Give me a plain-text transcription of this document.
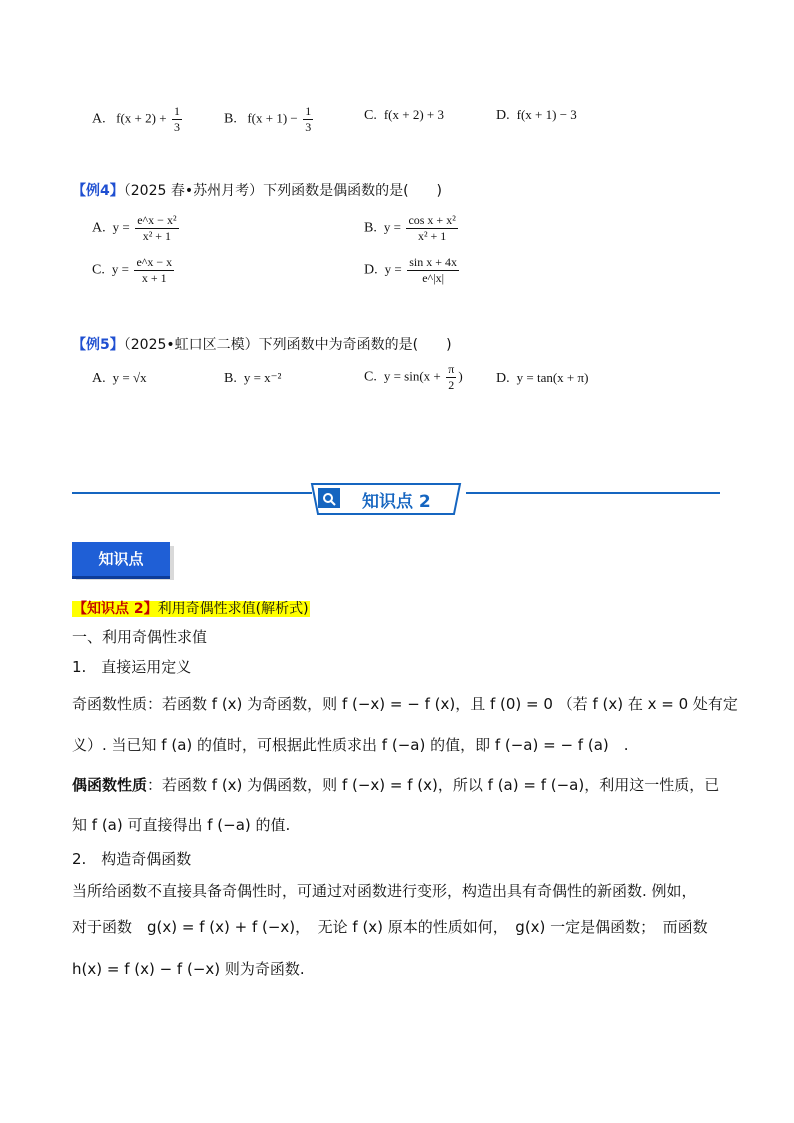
A. $f(x + 2) + \frac{1}{3}$	B. $f(x + 1) - \frac{1}{3}$	C. f(x + 2) + 3	D. f(x + 1) − 3
【例4】（2025 春•苏州月考）下列函数是偶函数的是(　　)
A. $y = \frac{\text{e\textasciicircum{}x − x²}}{\text{x² + 1}}$	B. $y = \frac{\text{cos x + x²}}{\text{x² + 1}}$
C. $y = \frac{e\^{}x - x}{x + 1}$	D. $y = \frac{\text{sin x + 4x}}{e\^{}|x|}$
【例5】（2025•虹口区二模）下列函数中为奇函数的是(　　)
A. y = √x	B. y = x⁻²	C. $y = \sin(x + \frac{\pi}{2}$ ) D. y = tan(x + π)
知识点 2
知识点
【知识点 2】利用奇偶性求值(解析式)
一、利用奇偶性求值
1.　直接运用定义
奇函数性质：若函数 f (x) 为奇函数，则 f (−x) = − f (x)，且 f (0) = 0 （若 f (x) 在 x = 0 处有定
义）. 当已知 f (a) 的值时，可根据此性质求出 f (−a) 的值，即 f (−a) = − f (a)　.
偶函数性质：若函数 f (x) 为偶函数，则 f (−x) = f (x)，所以 f (a) = f (−a)，利用这一性质，已
知 f (a) 可直接得出 f (−a) 的值.
2.　构造奇偶函数
当所给函数不直接具备奇偶性时，可通过对函数进行变形，构造出具有奇偶性的新函数. 例如，
对于函数　g(x) = f (x) + f (−x)，　无论 f (x) 原本的性质如何，　g(x) 一定是偶函数；　而函数
h(x) = f (x) − f (−x) 则为奇函数.
